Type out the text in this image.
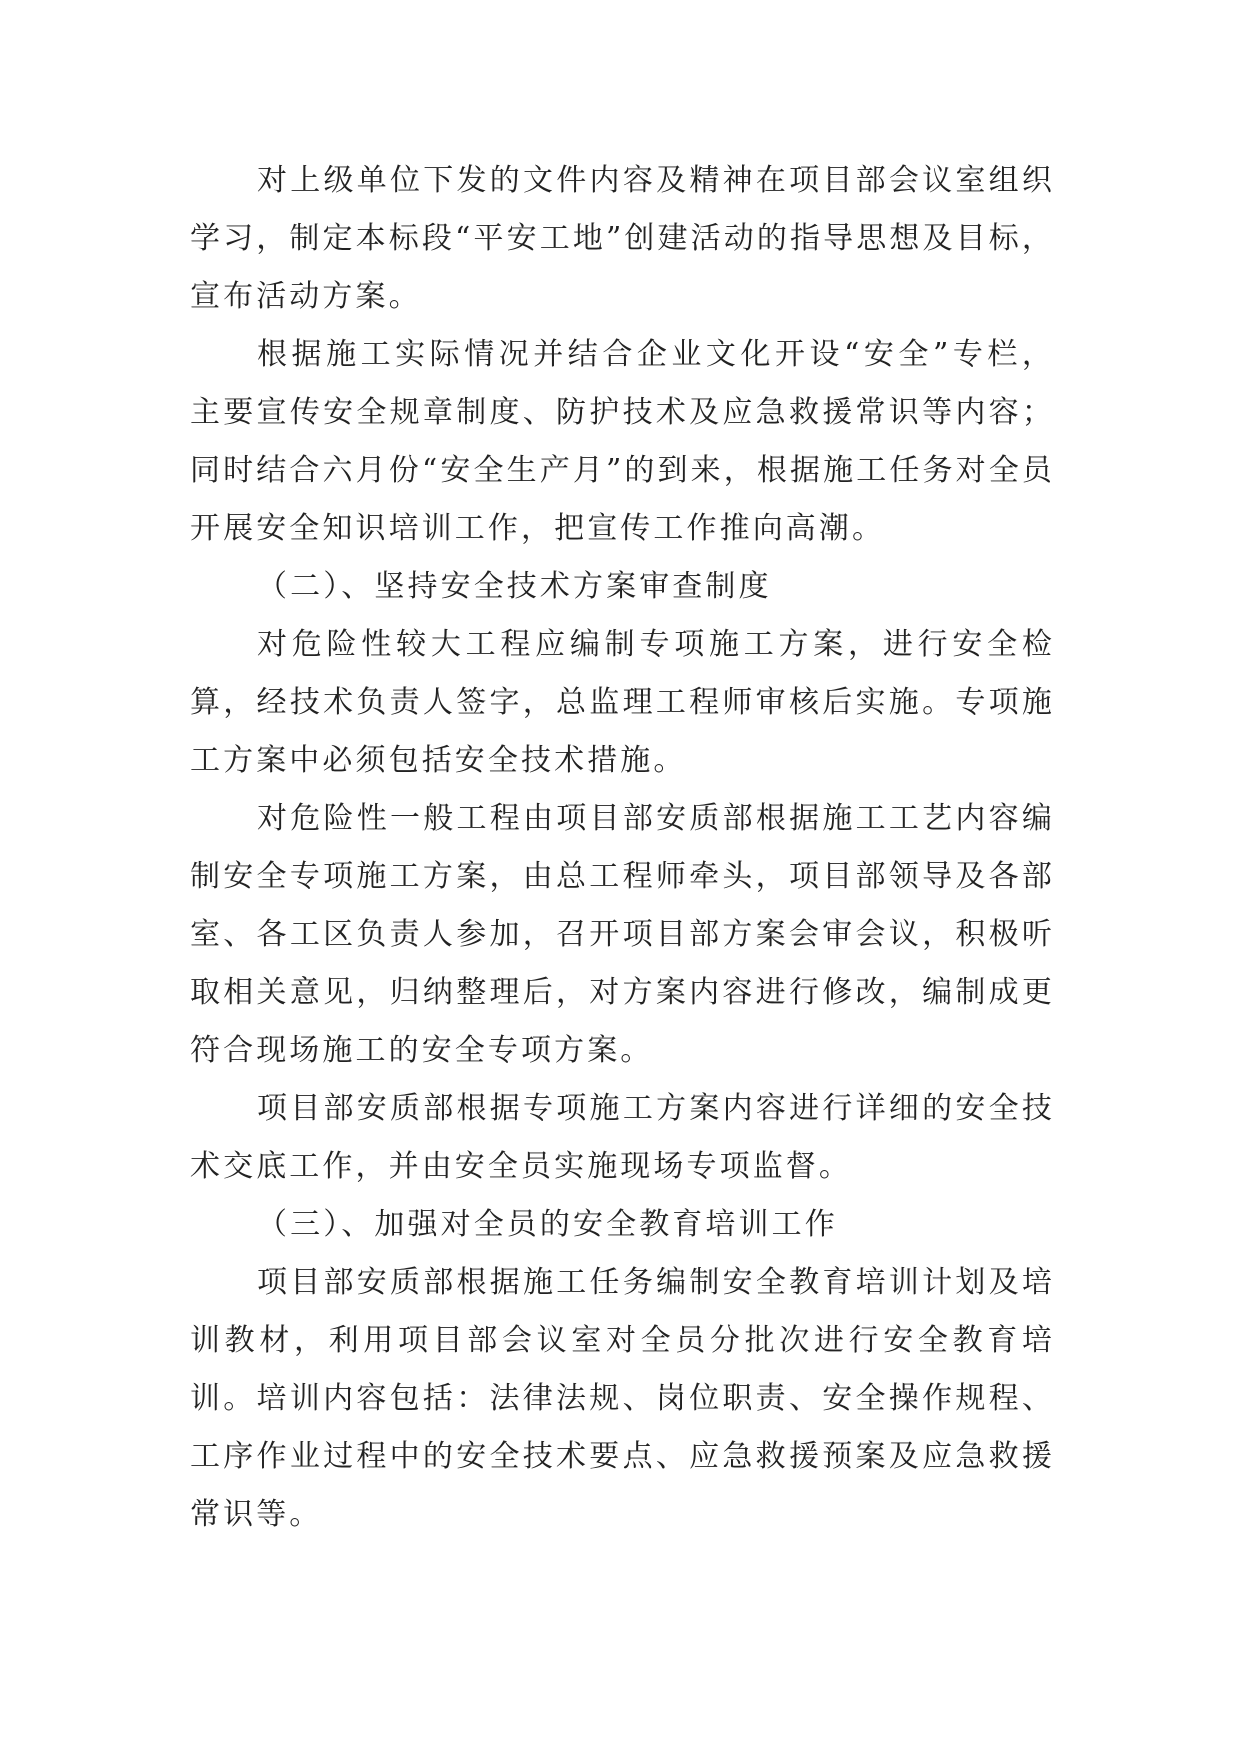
对上级单位下发的文件内容及精神在项目部会议室组织学习，制定本标段“平安工地”创建活动的指导思想及目标，宣布活动方案。

根据施工实际情况并结合企业文化开设“安全”专栏，主要宣传安全规章制度、防护技术及应急救援常识等内容；同时结合六月份“安全生产月”的到来，根据施工任务对全员开展安全知识培训工作，把宣传工作推向高潮。

（二）、坚持安全技术方案审查制度

对危险性较大工程应编制专项施工方案，进行安全检算，经技术负责人签字，总监理工程师审核后实施。专项施工方案中必须包括安全技术措施。

对危险性一般工程由项目部安质部根据施工工艺内容编制安全专项施工方案，由总工程师牵头，项目部领导及各部室、各工区负责人参加，召开项目部方案会审会议，积极听取相关意见，归纳整理后，对方案内容进行修改，编制成更符合现场施工的安全专项方案。

项目部安质部根据专项施工方案内容进行详细的安全技术交底工作，并由安全员实施现场专项监督。

（三）、加强对全员的安全教育培训工作

项目部安质部根据施工任务编制安全教育培训计划及培训教材，利用项目部会议室对全员分批次进行安全教育培训。培训内容包括：法律法规、岗位职责、安全操作规程、工序作业过程中的安全技术要点、应急救援预案及应急救援常识等。
